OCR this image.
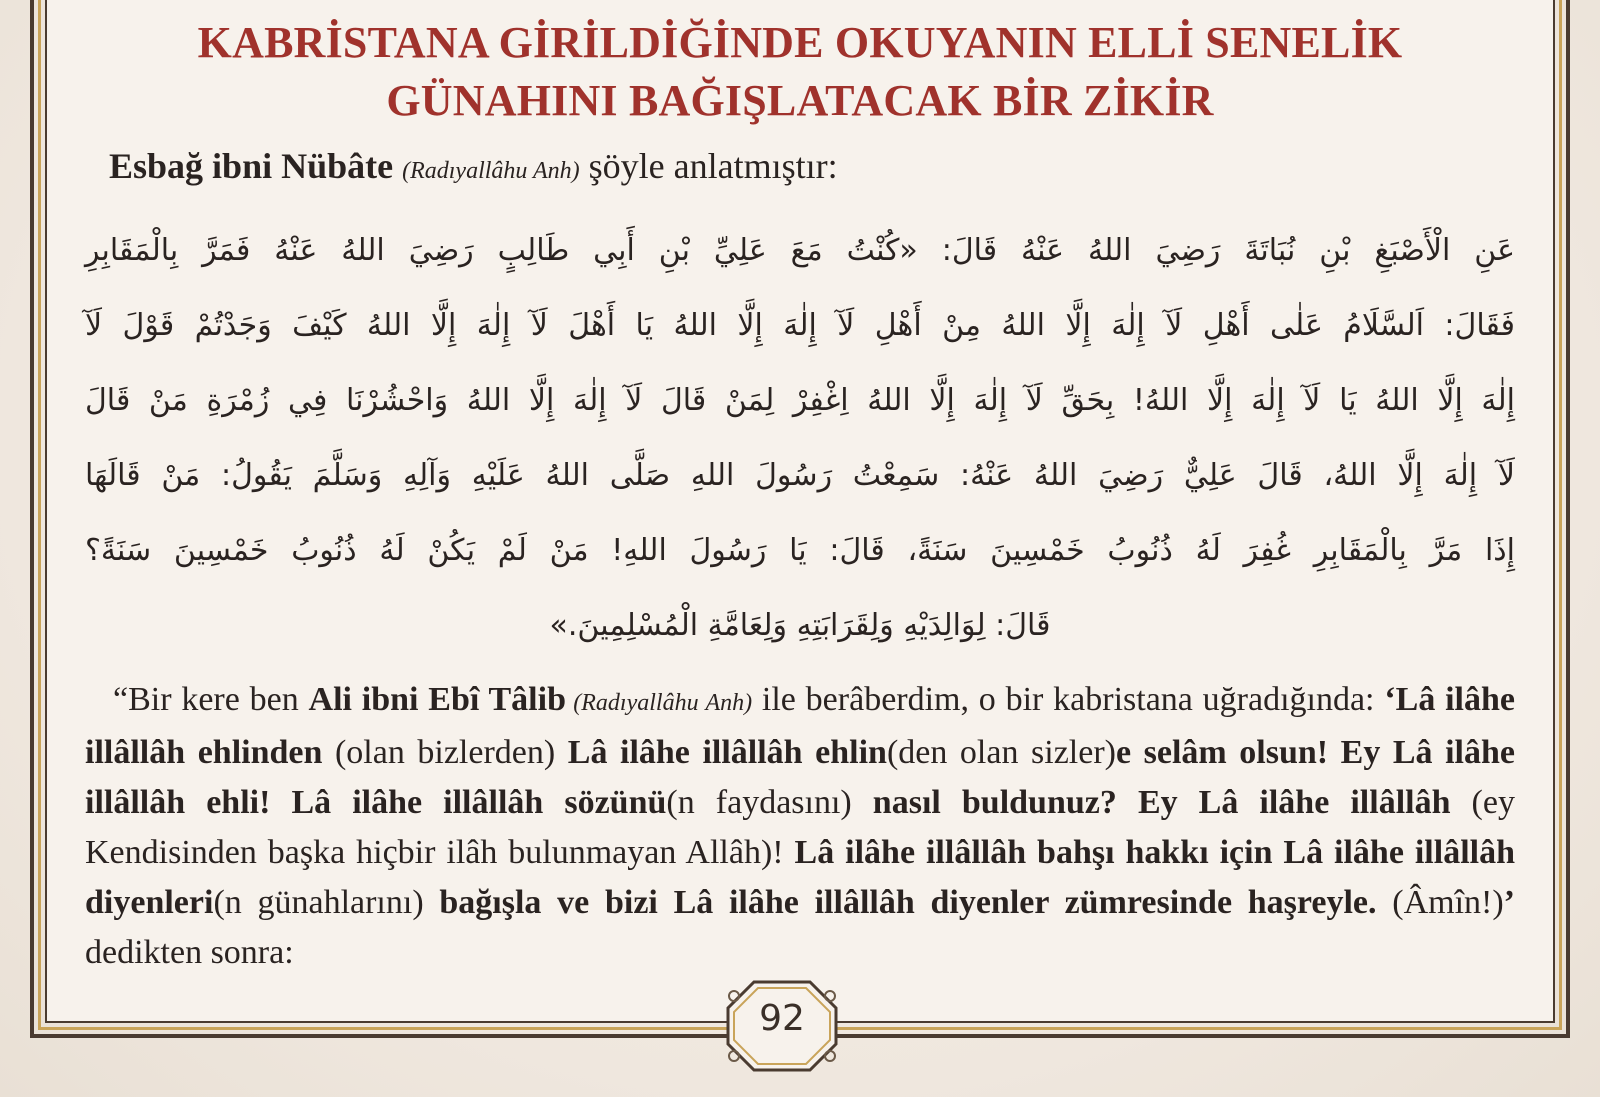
KABRİSTANA GİRİLDİĞİNDE OKUYANIN ELLİ SENELİK
GÜNAHINI BAĞIŞLATACAK BİR ZİKİR

Esbağ ibni Nübâte (Radıyallâhu Anh) şöyle anlatmıştır:

عَنِ الْأَصْبَغِ بْنِ نُبَاتَةَ رَضِيَ اللهُ عَنْهُ قَالَ: «كُنْتُ مَعَ عَلِيِّ بْنِ أَبِي طَالِبٍ رَضِيَ اللهُ عَنْهُ فَمَرَّ بِالْمَقَابِرِ
فَقَالَ: اَلسَّلَامُ عَلٰى أَهْلِ لَآ إِلٰهَ إِلَّا اللهُ مِنْ أَهْلِ لَآ إِلٰهَ إِلَّا اللهُ يَا أَهْلَ لَآ إِلٰهَ إِلَّا اللهُ كَيْفَ وَجَدْتُمْ قَوْلَ لَآ
إِلٰهَ إِلَّا اللهُ يَا لَآ إِلٰهَ إِلَّا اللهُ! بِحَقِّ لَآ إِلٰهَ إِلَّا اللهُ اِغْفِرْ لِمَنْ قَالَ لَآ إِلٰهَ إِلَّا اللهُ وَاحْشُرْنَا فِي زُمْرَةِ مَنْ قَالَ
لَآ إِلٰهَ إِلَّا اللهُ، قَالَ عَلِيٌّ رَضِيَ اللهُ عَنْهُ: سَمِعْتُ رَسُولَ اللهِ صَلَّى اللهُ عَلَيْهِ وَآلِهِ وَسَلَّمَ يَقُولُ: مَنْ قَالَهَا
إِذَا مَرَّ بِالْمَقَابِرِ غُفِرَ لَهُ ذُنُوبُ خَمْسِينَ سَنَةً، قَالَ: يَا رَسُولَ اللهِ! مَنْ لَمْ يَكُنْ لَهُ ذُنُوبُ خَمْسِينَ سَنَةً؟
قَالَ: لِوَالِدَيْهِ وَلِقَرَابَتِهِ وَلِعَامَّةِ الْمُسْلِمِينَ.»
“Bir kere ben Ali ibni Ebî Tâlib (Radıyallâhu Anh) ile berâberdim, o bir kabristana uğradığında: ‘Lâ ilâhe illâllâh ehlinden (olan bizlerden) Lâ ilâhe illâllâh ehlin(den olan sizler)e selâm olsun! Ey Lâ ilâhe illâllâh ehli! Lâ ilâhe illâllâh sözünü(n faydasını) nasıl buldunuz? Ey Lâ ilâhe illâllâh (ey Kendisinden başka hiçbir ilâh bulunmayan Allâh)! Lâ ilâhe illâllâh bahşı hakkı için Lâ ilâhe illâllâh diyenleri(n günahlarını) bağışla ve bizi Lâ ilâhe illâllâh diyenler zümresinde haşreyle. (Âmîn!)’ dedikten sonra:
92
